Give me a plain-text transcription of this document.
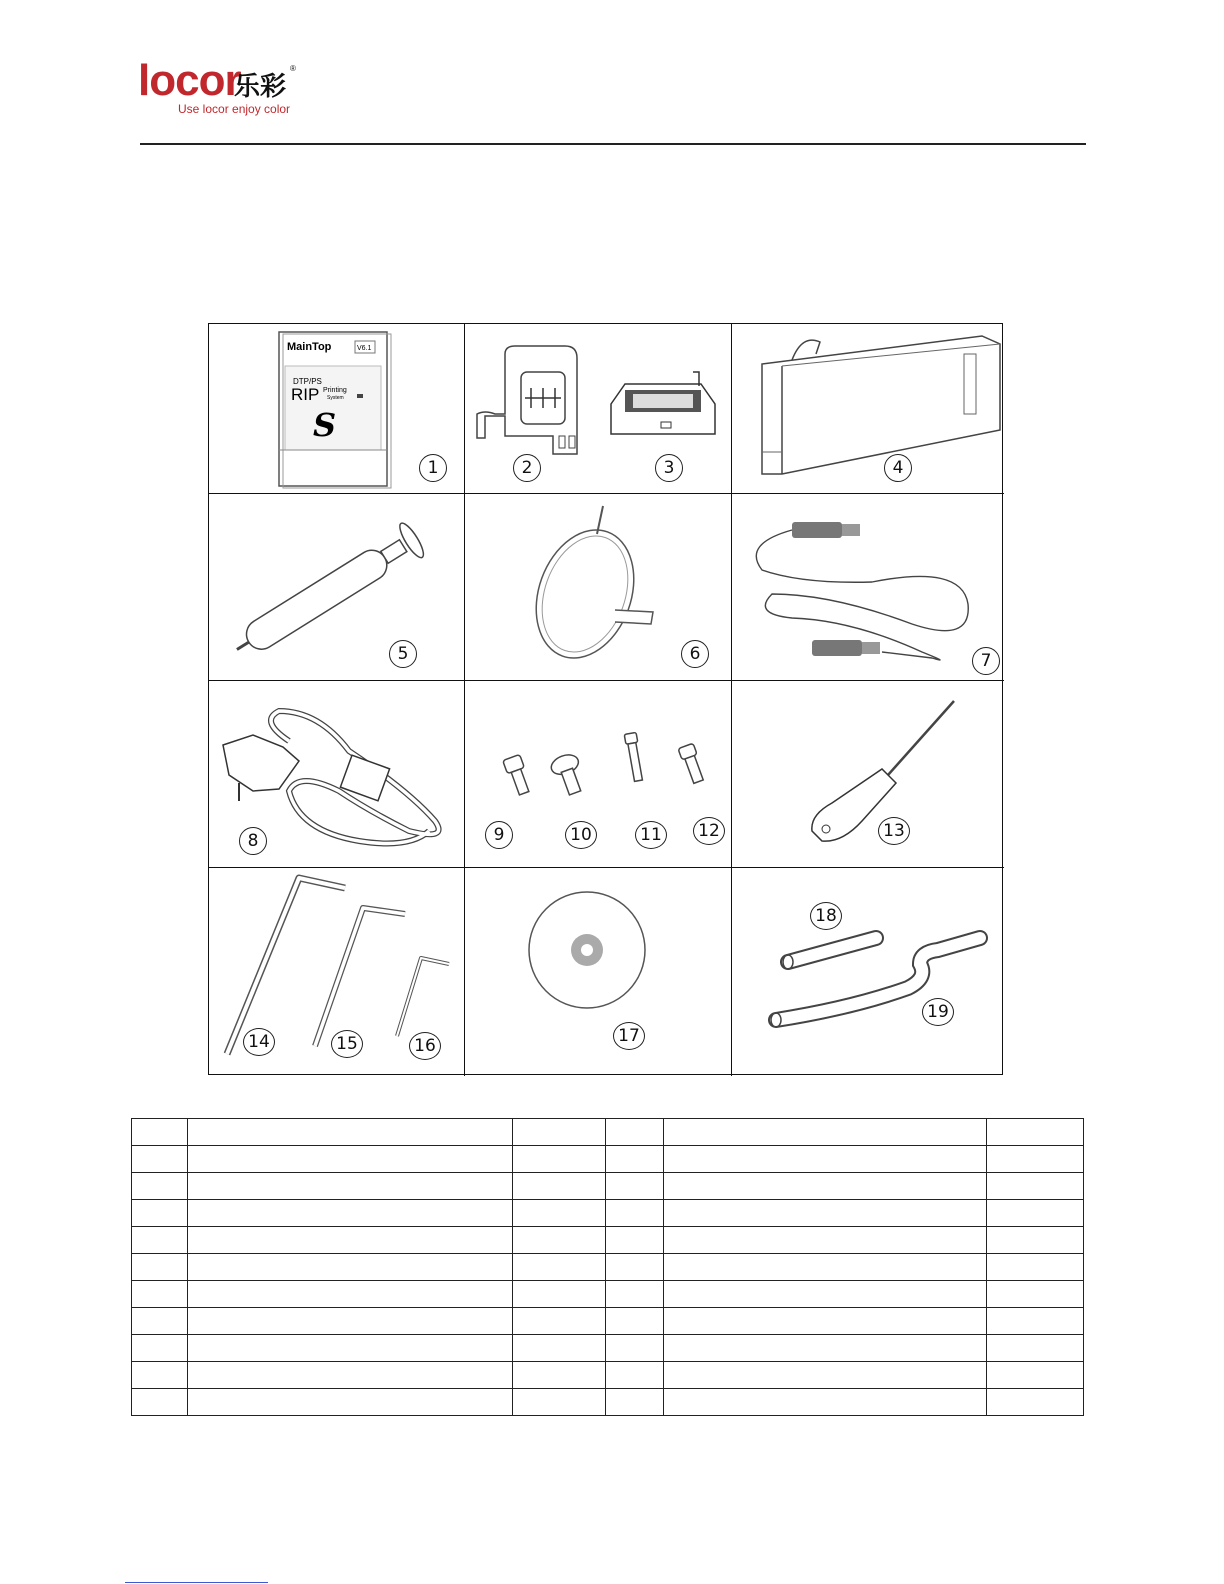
locor
乐彩
®
Use locor enjoy color
MainTop	V6.1
DTP/PS
RIP Printing
System
S
1	2	3	4
5	6	7
8	9	10	11	12	13
14	15	16	17
18
19
